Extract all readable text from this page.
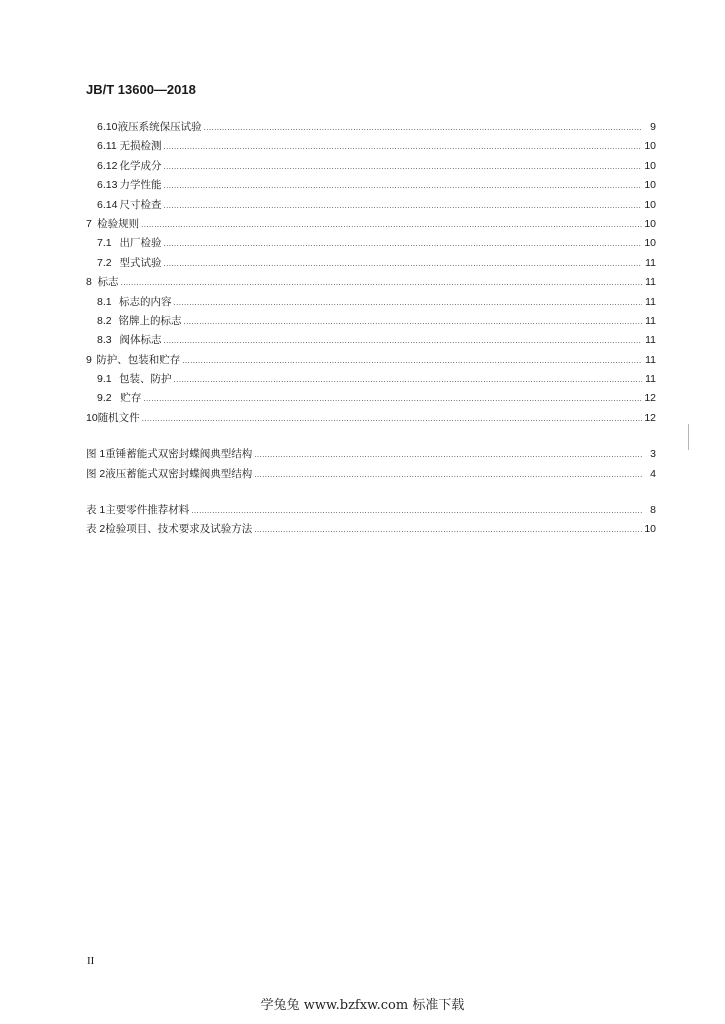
JB/T 13600—2018
6.10 液压系统保压试验 .....	9
6.11 无损检测 .....	10
6.12 化学成分 .....	10
6.13 力学性能 .....	10
6.14 尺寸检查 .....	10
7 检验规则 .....	10
7.1 出厂检验 .....	10
7.2 型式试验 .....	11
8 标志 .....	11
8.1 标志的内容 .....	11
8.2 铭牌上的标志 .....	11
8.3 阀体标志 .....	11
9 防护、包装和贮存 .....	11
9.1 包装、防护 .....	11
9.2 贮存 .....	12
10 随机文件 .....	12
图 1 重锤蓄能式双密封蝶阀典型结构 .....	3
图 2 液压蓄能式双密封蝶阀典型结构 .....	4
表 1 主要零件推荐材料 .....	8
表 2 检验项目、技术要求及试验方法 .....	10
II
学兔兔 www.bzfxw.com 标准下载
